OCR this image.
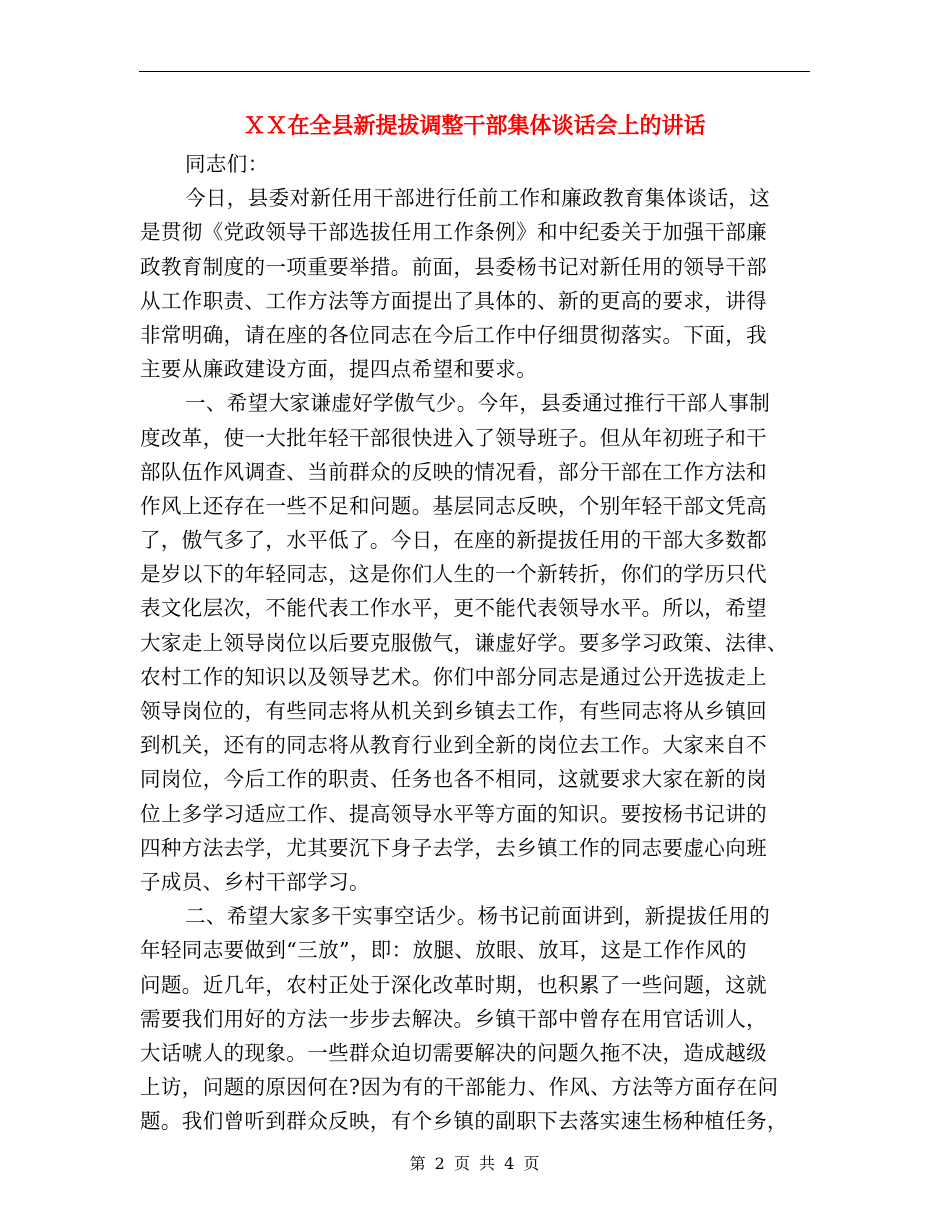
ＸＸ在全县新提拔调整干部集体谈话会上的讲话
同志们：
今日，县委对新任用干部进行任前工作和廉政教育集体谈话，这
是贯彻《党政领导干部选拔任用工作条例》和中纪委关于加强干部廉
政教育制度的一项重要举措。前面，县委杨书记对新任用的领导干部
从工作职责、工作方法等方面提出了具体的、新的更高的要求，讲得
非常明确，请在座的各位同志在今后工作中仔细贯彻落实。下面，我
主要从廉政建设方面，提四点希望和要求。
一、希望大家谦虚好学傲气少。今年，县委通过推行干部人事制
度改革，使一大批年轻干部很快进入了领导班子。但从年初班子和干
部队伍作风调查、当前群众的反映的情况看，部分干部在工作方法和
作风上还存在一些不足和问题。基层同志反映，个别年轻干部文凭高
了，傲气多了，水平低了。今日，在座的新提拔任用的干部大多数都
是岁以下的年轻同志，这是你们人生的一个新转折，你们的学历只代
表文化层次，不能代表工作水平，更不能代表领导水平。所以，希望
大家走上领导岗位以后要克服傲气，谦虚好学。要多学习政策、法律、
农村工作的知识以及领导艺术。你们中部分同志是通过公开选拔走上
领导岗位的，有些同志将从机关到乡镇去工作，有些同志将从乡镇回
到机关，还有的同志将从教育行业到全新的岗位去工作。大家来自不
同岗位，今后工作的职责、任务也各不相同，这就要求大家在新的岗
位上多学习适应工作、提高领导水平等方面的知识。要按杨书记讲的
四种方法去学，尤其要沉下身子去学，去乡镇工作的同志要虚心向班
子成员、乡村干部学习。
二、希望大家多干实事空话少。杨书记前面讲到，新提拔任用的
年轻同志要做到“三放”，即：放腿、放眼、放耳，这是工作作风的
问题。近几年，农村正处于深化改革时期，也积累了一些问题，这就
需要我们用好的方法一步步去解决。乡镇干部中曾存在用官话训人，
大话唬人的现象。一些群众迫切需要解决的问题久拖不决，造成越级
上访，问题的原因何在?因为有的干部能力、作风、方法等方面存在问
题。我们曾听到群众反映，有个乡镇的副职下去落实速生杨种植任务，
第 2 页 共 4 页
